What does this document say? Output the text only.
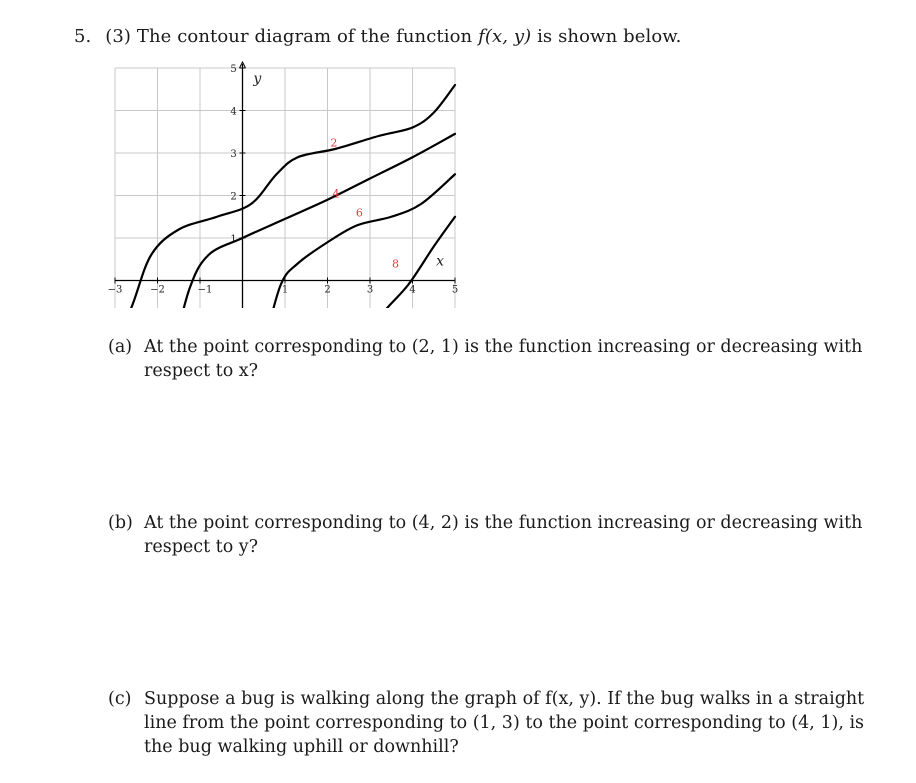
5. (3) The contour diagram of the function f(x, y) is shown below.
−3	−2	−1	1	2	3	4	5
5
4
3
2
1
x
y
2
4
6
8
(a) At the point corresponding to (2, 1) is the function increasing or decreasing with respect to x?
(b) At the point corresponding to (4, 2) is the function increasing or decreasing with respect to y?
(c) Suppose a bug is walking along the graph of f(x, y). If the bug walks in a straight line from the point corresponding to (1, 3) to the point corresponding to (4, 1), is the bug walking uphill or downhill?
